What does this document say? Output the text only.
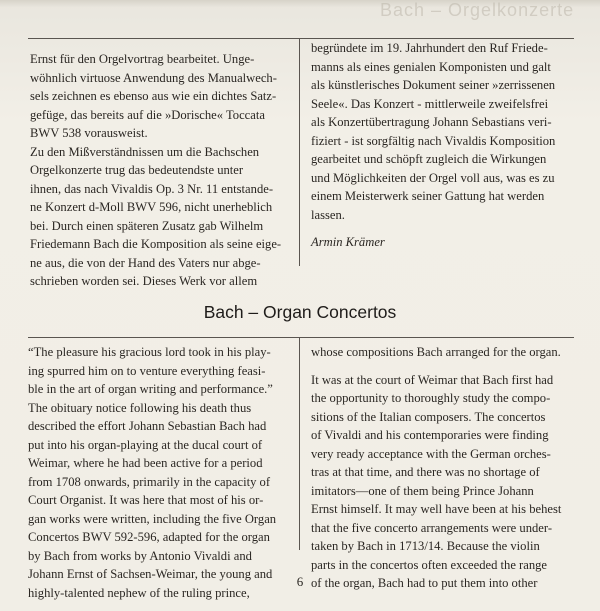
Bach – Orgelkonzerte
Ernst für den Orgelvortrag bearbeitet. Unge-
wöhnlich virtuose Anwendung des Manualwech-
sels zeichnen es ebenso aus wie ein dichtes Satz-
gefüge, das bereits auf die »Dorische« Toccata
BWV 538 vorausweist.
Zu den Mißverständnissen um die Bachschen
Orgelkonzerte trug das bedeutendste unter
ihnen, das nach Vivaldis Op. 3 Nr. 11 entstande-
ne Konzert d-Moll BWV 596, nicht unerheblich
bei. Durch einen späteren Zusatz gab Wilhelm
Friedemann Bach die Komposition als seine eige-
ne aus, die von der Hand des Vaters nur abge-
schrieben worden sei. Dieses Werk vor allem
begründete im 19. Jahrhundert den Ruf Friede-
manns als eines genialen Komponisten und galt
als künstlerisches Dokument seiner »zerrissenen
Seele«. Das Konzert - mittlerweile zweifelsfrei
als Konzertübertragung Johann Sebastians veri-
fiziert - ist sorgfältig nach Vivaldis Komposition
gearbeitet und schöpft zugleich die Wirkungen
und Möglichkeiten der Orgel voll aus, was es zu
einem Meisterwerk seiner Gattung hat werden
lassen.
Armin Krämer
Bach – Organ Concertos
“The pleasure his gracious lord took in his play-
ing spurred him on to venture everything feasi-
ble in the art of organ writing and performance.”
The obituary notice following his death thus
described the effort Johann Sebastian Bach had
put into his organ-playing at the ducal court of
Weimar, where he had been active for a period
from 1708 onwards, primarily in the capacity of
Court Organist. It was here that most of his or-
gan works were written, including the five Organ
Concertos BWV 592-596, adapted for the organ
by Bach from works by Antonio Vivaldi and
Johann Ernst of Sachsen-Weimar, the young and
highly-talented nephew of the ruling prince,
whose compositions Bach arranged for the organ.
It was at the court of Weimar that Bach first had
the opportunity to thoroughly study the compo-
sitions of the Italian composers. The concertos
of Vivaldi and his contemporaries were finding
very ready acceptance with the German orches-
tras at that time, and there was no shortage of
imitators—one of them being Prince Johann
Ernst himself. It may well have been at his behest
that the five concerto arrangements were under-
taken by Bach in 1713/14. Because the violin
parts in the concertos often exceeded the range
of the organ, Bach had to put them into other
6
